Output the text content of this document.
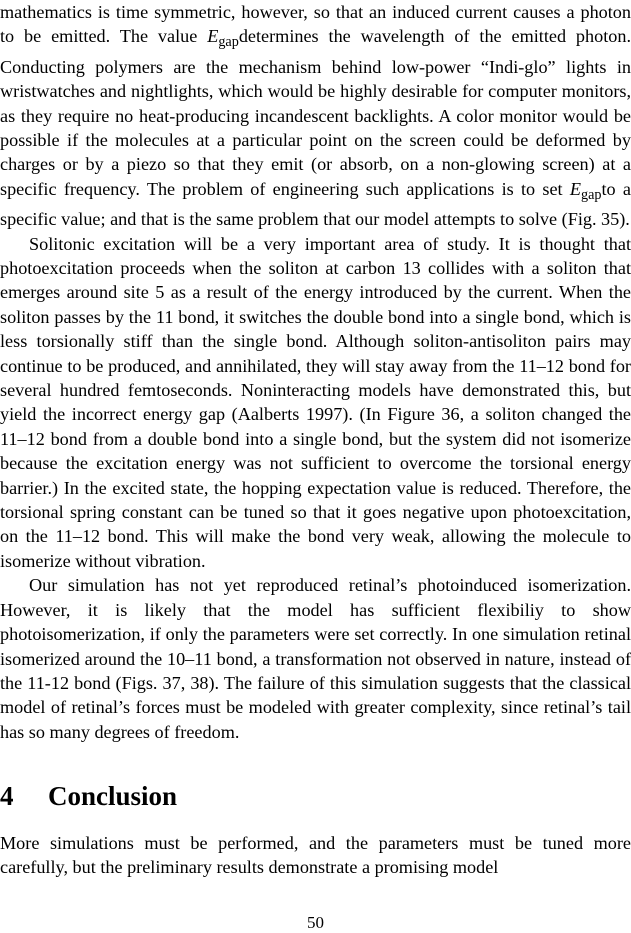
mathematics is time symmetric, however, so that an induced current causes a photon to be emitted. The value $E_{gap}determines$ the wavelength of the emitted photon. Conducting polymers are the mechanism behind low-power “Indi-glo” lights in wristwatches and nightlights, which would be highly desirable for computer monitors, as they require no heat-producing incandescent backlights. A color monitor would be possible if the molecules at a particular point on the screen could be deformed by charges or by a piezo so that they emit (or absorb, on a non-glowing screen) at a specific frequency. The problem of engineering such applications is to set $E_{gap}to$ a specific value; and that is the same problem that our model attempts to solve (Fig. 35).

Solitonic excitation will be a very important area of study. It is thought that photoexcitation proceeds when the soliton at carbon 13 collides with a soliton that emerges around site 5 as a result of the energy introduced by the current. When the soliton passes by the 11 bond, it switches the double bond into a single bond, which is less torsionally stiff than the single bond. Although soliton-antisoliton pairs may continue to be produced, and annihilated, they will stay away from the 11–12 bond for several hundred femtoseconds. Noninteracting models have demonstrated this, but yield the incorrect energy gap (Aalberts 1997). (In Figure 36, a soliton changed the 11–12 bond from a double bond into a single bond, but the system did not isomerize because the excitation energy was not sufficient to overcome the torsional energy barrier.) In the excited state, the hopping expectation value is reduced. Therefore, the torsional spring constant can be tuned so that it goes negative upon photoexcitation, on the 11–12 bond. This will make the bond very weak, allowing the molecule to isomerize without vibration.

Our simulation has not yet reproduced retinal’s photoinduced isomerization. However, it is likely that the model has sufficient flexibiliy to show photoisomerization, if only the parameters were set correctly. In one simulation retinal isomerized around the 10–11 bond, a transformation not observed in nature, instead of the 11-12 bond (Figs. 37, 38). The failure of this simulation suggests that the classical model of retinal’s forces must be modeled with greater complexity, since retinal’s tail has so many degrees of freedom.

4 Conclusion

More simulations must be performed, and the parameters must be tuned more carefully, but the preliminary results demonstrate a promising model

50
